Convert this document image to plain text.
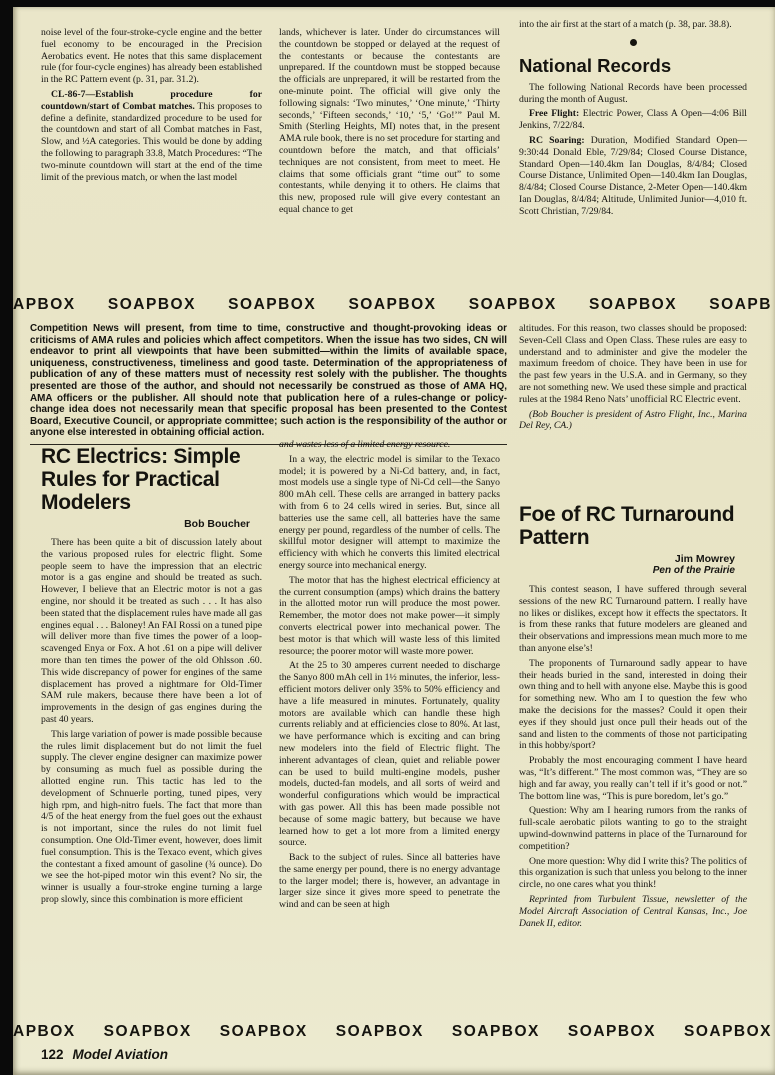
noise level of the four-stroke-cycle engine and the better fuel economy to be encouraged in the Precision Aerobatics event. He notes that this same displacement rule (for four-cycle engines) has already been established in the RC Pattern event (p. 31, par. 31.2).

CL-86-7—Establish procedure for countdown/start of Combat matches. This proposes to define a definite, standardized procedure to be used for the countdown and start of all Combat matches in Fast, Slow, and ½A categories. This would be done by adding the following to paragraph 33.8, Match Procedures: “The two-minute countdown will start at the end of the time limit of the previous match, or when the last model

lands, whichever is later. Under do circumstances will the countdown be stopped or delayed at the request of the contestants or because the contestants are unprepared. If the countdown must be stopped because the officials are unprepared, it will be restarted from the one-minute point. The official will give only the following signals: ‘Two minutes,’ ‘One minute,’ ‘Thirty seconds,’ ‘Fifteen seconds,’ ‘10,’ ‘5,’ ‘Go!’” Paul M. Smith (Sterling Heights, MI) notes that, in the present AMA rule book, there is no set procedure for starting and countdown before the match, and that officials’ techniques are not consistent, from meet to meet. He claims that some officials grant “time out” to some contestants, while denying it to others. He claims that this new, proposed rule will give every contestant an equal chance to get

into the air first at the start of a match (p. 38, par. 38.8).

National Records

The following National Records have been processed during the month of August.

Free Flight: Electric Power, Class A Open—4:06 Bill Jenkins, 7/22/84.

RC Soaring: Duration, Modified Standard Open—9:30:44 Donald Eble, 7/29/84; Closed Course Distance, Standard Open—140.4km Ian Douglas, 8/4/84; Closed Course Distance, Unlimited Open—140.4km Ian Douglas, 8/4/84; Closed Course Distance, 2-Meter Open—140.4km Ian Douglas, 8/4/84; Altitude, Unlimited Junior—4,010 ft. Scott Christian, 7/29/84.

APBOX SOAPBOX SOAPBOX SOAPBOX SOAPBOX SOAPBOX SOAPB
Competition News will present, from time to time, constructive and thought-provoking ideas or criticisms of AMA rules and policies which affect competitors. When the issue has two sides, CN will endeavor to print all viewpoints that have been submitted—within the limits of available space, uniqueness, constructiveness, timeliness and good taste. Determination of the appropriateness of publication of any of these matters must of necessity rest solely with the publisher. The thoughts presented are those of the author, and should not necessarily be construed as those of AMA HQ, AMA officers or the publisher. All should note that publication here of a rules-change or policy-change idea does not necessarily mean that specific proposal has been presented to the Contest Board, Executive Council, or appropriate committee; such action is the responsibility of the author or anyone else interested in obtaining official action.

altitudes. For this reason, two classes should be proposed: Seven-Cell Class and Open Class. These rules are easy to understand and to administer and give the modeler the maximum freedom of choice. They have been in use for the past few years in the U.S.A. and in Germany, so they are not something new. We used these simple and practical rules at the 1984 Reno Nats’ unofficial RC Electric event.

(Bob Boucher is president of Astro Flight, Inc., Marina Del Rey, CA.)

RC Electrics: Simple Rules for Practical Modelers
Bob Boucher

There has been quite a bit of discussion lately about the various proposed rules for electric flight. Some people seem to have the impression that an electric motor is a gas engine and should be treated as such. However, I believe that an Electric motor is not a gas engine, nor should it be treated as such . . . It has also been stated that the displacement rules have made all gas engines equal . . . Baloney! An FAI Rossi on a tuned pipe will deliver more than five times the power of a loop-scavenged Enya or Fox. A hot .61 on a pipe will deliver more than ten times the power of the old Ohlsson .60. This wide discrepancy of power for engines of the same displacement has proved a nightmare for Old-Timer SAM rule makers, because there have been a lot of improvements in the design of gas engines during the past 40 years.

This large variation of power is made possible because the rules limit displacement but do not limit the fuel supply. The clever engine designer can maximize power by consuming as much fuel as possible during the allotted engine run. This tactic has led to the development of Schnuerle porting, tuned pipes, very high rpm, and high-nitro fuels. The fact that more than 4/5 of the heat energy from the fuel goes out the exhaust is not important, since the rules do not limit fuel consumption. One Old-Timer event, however, does limit fuel consumption. This is the Texaco event, which gives the contestant a fixed amount of gasoline (¾ ounce). Do we see the hot-piped motor win this event? No sir, the winner is usually a four-stroke engine turning a large prop slowly, since this combination is more efficient

and wastes less of a limited energy resource.

In a way, the electric model is similar to the Texaco model; it is powered by a Ni-Cd battery, and, in fact, most models use a single type of Ni-Cd cell—the Sanyo 800 mAh cell. These cells are arranged in battery packs with from 6 to 24 cells wired in series. But, since all batteries use the same cell, all batteries have the same energy per pound, regardless of the number of cells. The skillful motor designer will attempt to maximize the efficiency with which he converts this limited electrical energy source into mechanical energy.

The motor that has the highest electrical efficiency at the current consumption (amps) which drains the battery in the allotted motor run will produce the most power. Remember, the motor does not make power—it simply converts electrical power into mechanical power. The best motor is that which will waste less of this limited resource; the poorer motor will waste more power.

At the 25 to 30 amperes current needed to discharge the Sanyo 800 mAh cell in 1½ minutes, the inferior, less-efficient motors deliver only 35% to 50% efficiency and have a life measured in minutes. Fortunately, quality motors are available which can handle these high currents reliably and at efficiencies close to 80%. At last, we have performance which is exciting and can bring new modelers into the field of Electric flight. The inherent advantages of clean, quiet and reliable power can be used to build multi-engine models, pusher models, ducted-fan models, and all sorts of weird and wonderful configurations which would be impractical with gas power. All this has been made possible not because of some magic battery, but because we have learned how to get a lot more from a limited energy source.

Back to the subject of rules. Since all batteries have the same energy per pound, there is no energy advantage to the larger model; there is, however, an advantage in larger size since it gives more speed to penetrate the wind and can be seen at high

Foe of RC Turnaround Pattern
Jim Mowrey
Pen of the Prairie

This contest season, I have suffered through several sessions of the new RC Turnaround pattern. I really have no likes or dislikes, except how it effects the spectators. It is from these ranks that future modelers are gleaned and their observations and impressions mean much more to me than anyone else’s!

The proponents of Turnaround sadly appear to have their heads buried in the sand, interested in doing their own thing and to hell with anyone else. Maybe this is good for something new. Who am I to question the few who make the decisions for the masses? Could it open their eyes if they should just once pull their heads out of the sand and listen to the comments of those not participating in this hobby/sport?

Probably the most encouraging comment I have heard was, “It’s different.” The most common was, “They are so high and far away, you really can’t tell if it’s good or not.” The bottom line was, “This is pure boredom, let’s go.”

Question: Why am I hearing rumors from the ranks of full-scale aerobatic pilots wanting to go to the straight upwind-downwind patterns in place of the Turnaround for competition?

One more question: Why did I write this? The politics of this organization is such that unless you belong to the inner circle, no one cares what you think!

Reprinted from Turbulent Tissue, newsletter of the Model Aircraft Association of Central Kansas, Inc., Joe Danek II, editor.

APBOX SOAPBOX SOAPBOX SOAPBOX SOAPBOX SOAPBOX SOAPBOX
122 Model Aviation
